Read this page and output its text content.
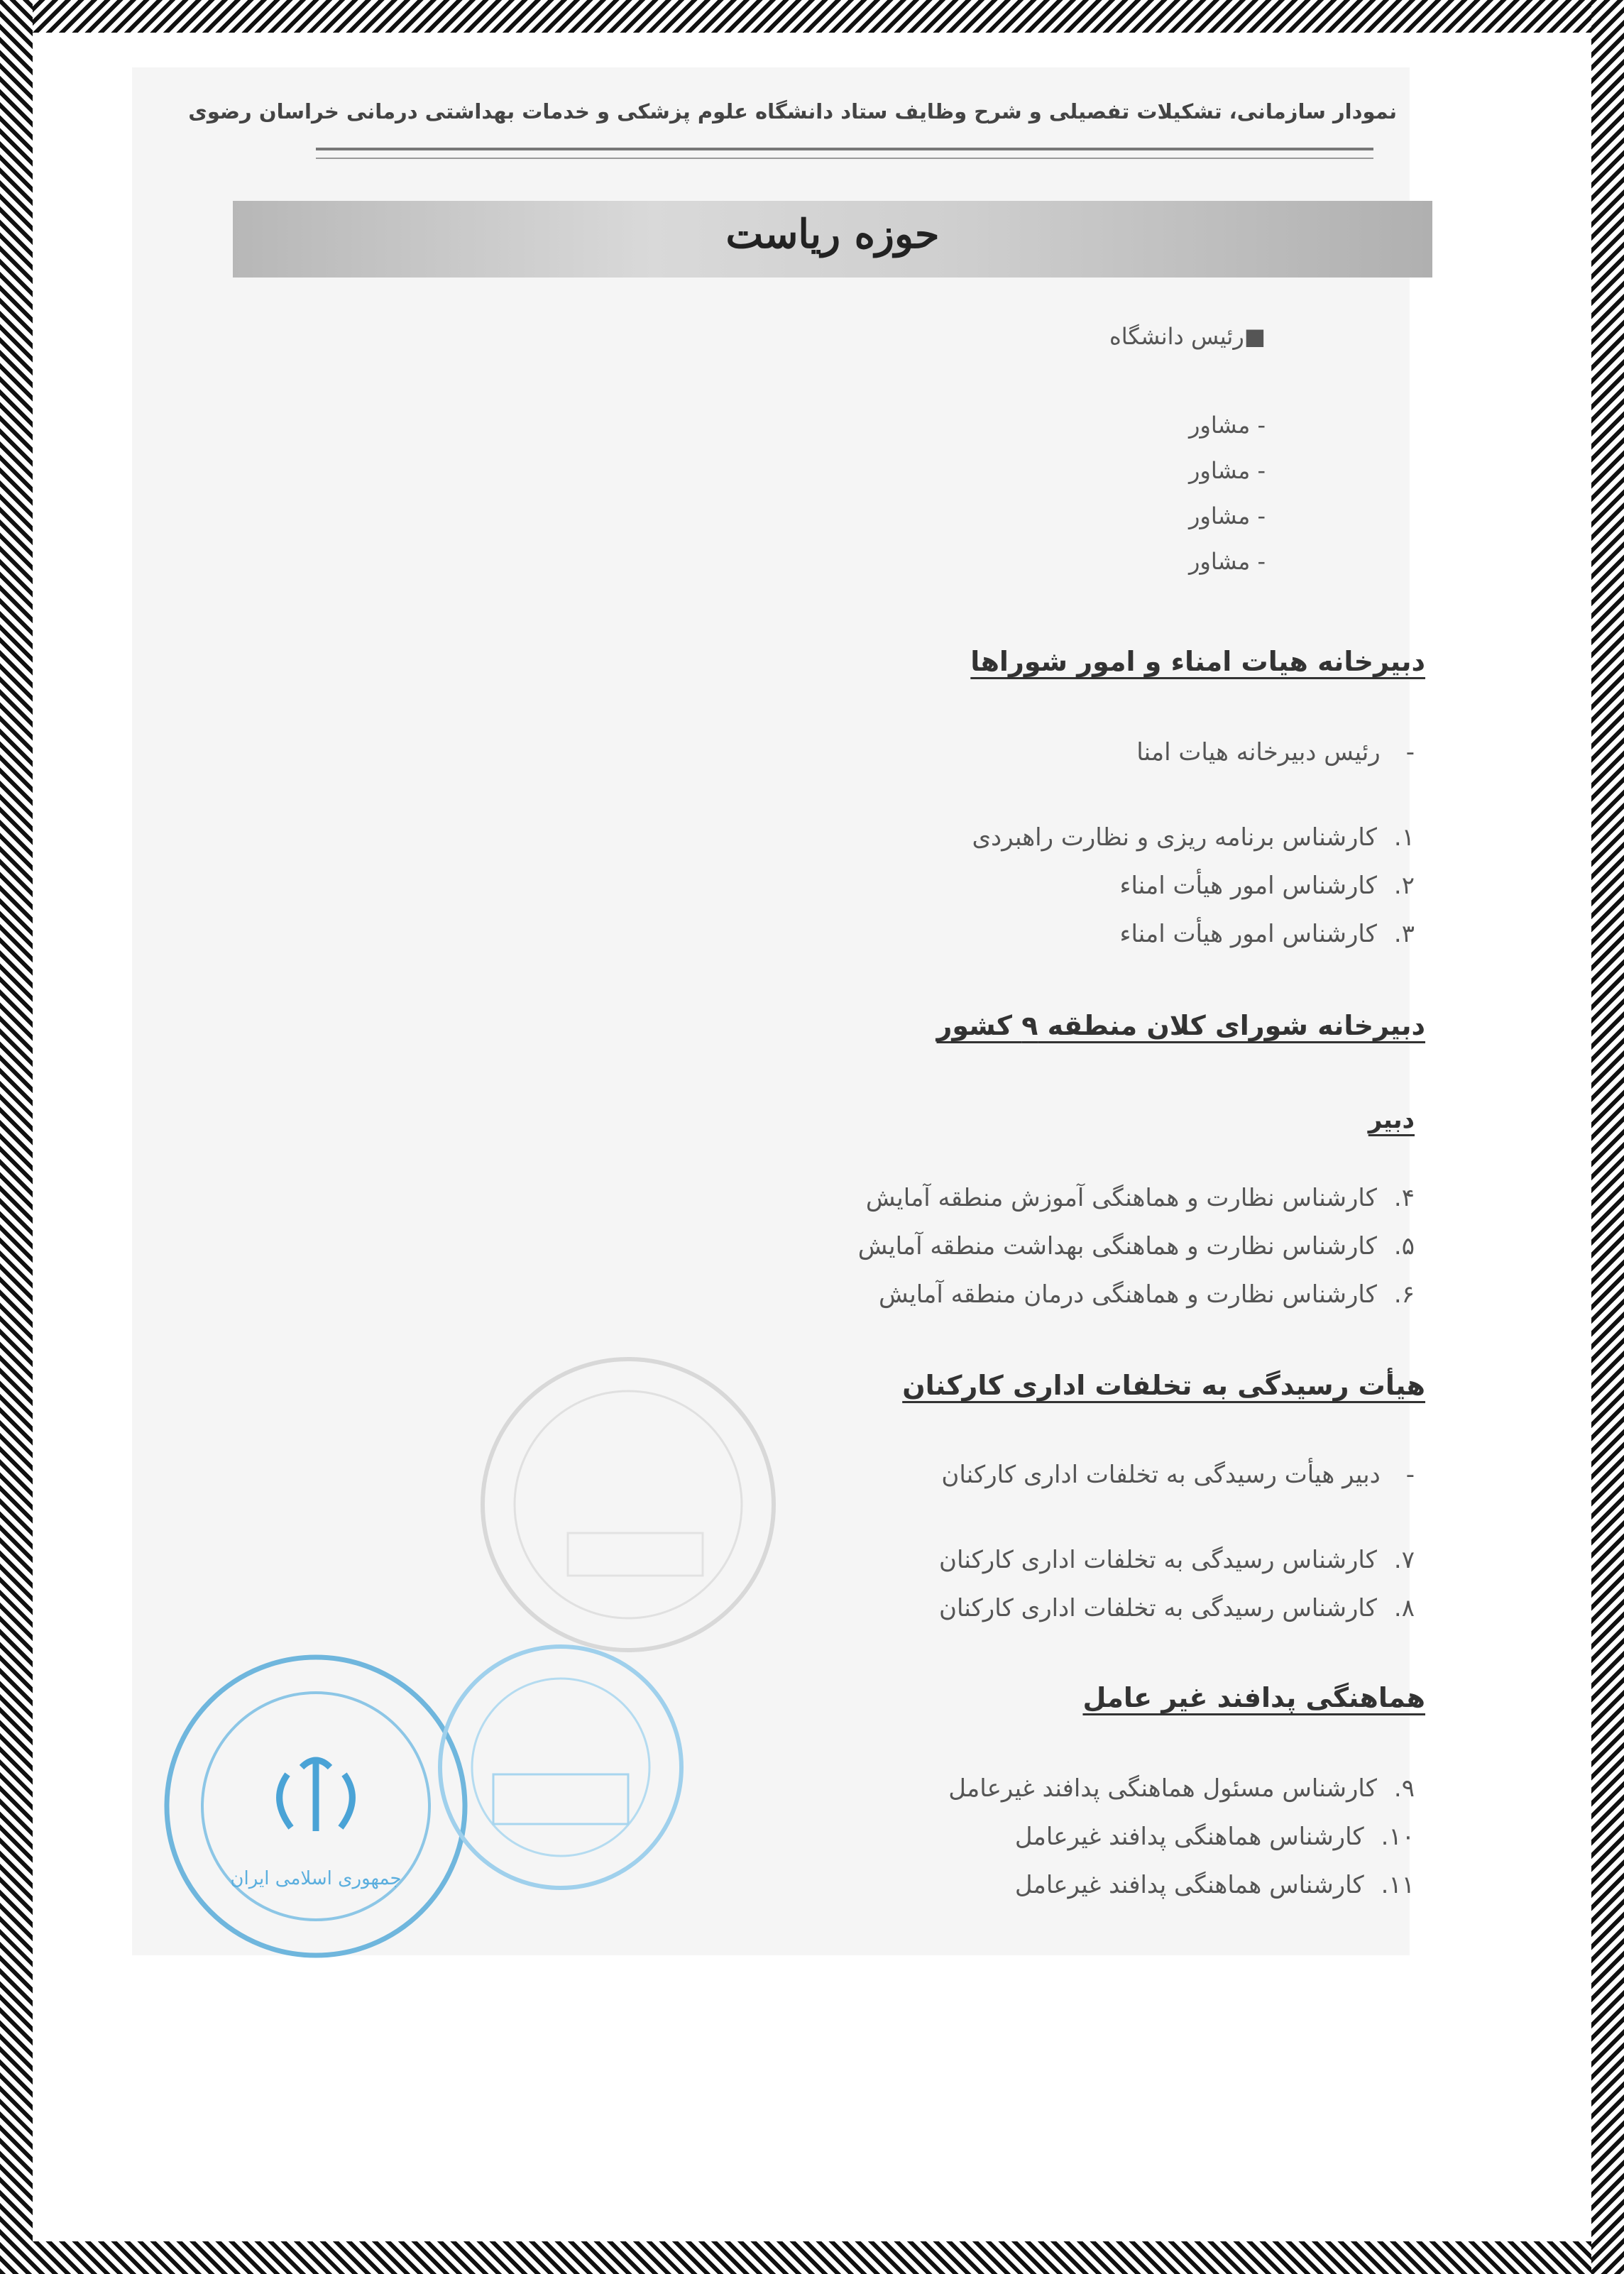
نمودار سازمانی، تشکیلات تفصیلی و شرح وظایف ستاد دانشگاه علوم پزشکی و خدمات بهداشتی درمانی خراسان رضوی
حوزه ریاست
■رئیس دانشگاه
- مشاور
- مشاور
- مشاور
- مشاور
دبیرخانه هیات امناء و امور شوراها
-رئیس دبیرخانه هیات امنا
۱.کارشناس برنامه ریزی و نظارت راهبردی
۲.کارشناس امور هیأت امناء
۳.کارشناس امور هیأت امناء
دبیرخانه شورای کلان منطقه ۹ کشور
دبیر
۴.کارشناس نظارت و هماهنگی آموزش منطقه آمایش
۵.کارشناس نظارت و هماهنگی بهداشت منطقه آمایش
۶.کارشناس نظارت و هماهنگی درمان منطقه آمایش
هیأت رسیدگی به تخلفات اداری کارکنان
-دبیر هیأت رسیدگی به تخلفات اداری کارکنان
۷.کارشناس رسیدگی به تخلفات اداری کارکنان
۸.کارشناس رسیدگی به تخلفات اداری کارکنان
هماهنگی پدافند غیر عامل
۹.کارشناس مسئول هماهنگی پدافند غیرعامل
۱۰.کارشناس هماهنگی پدافند غیرعامل
۱۱.کارشناس هماهنگی پدافند غیرعامل
جمهوری اسلامی ایران
